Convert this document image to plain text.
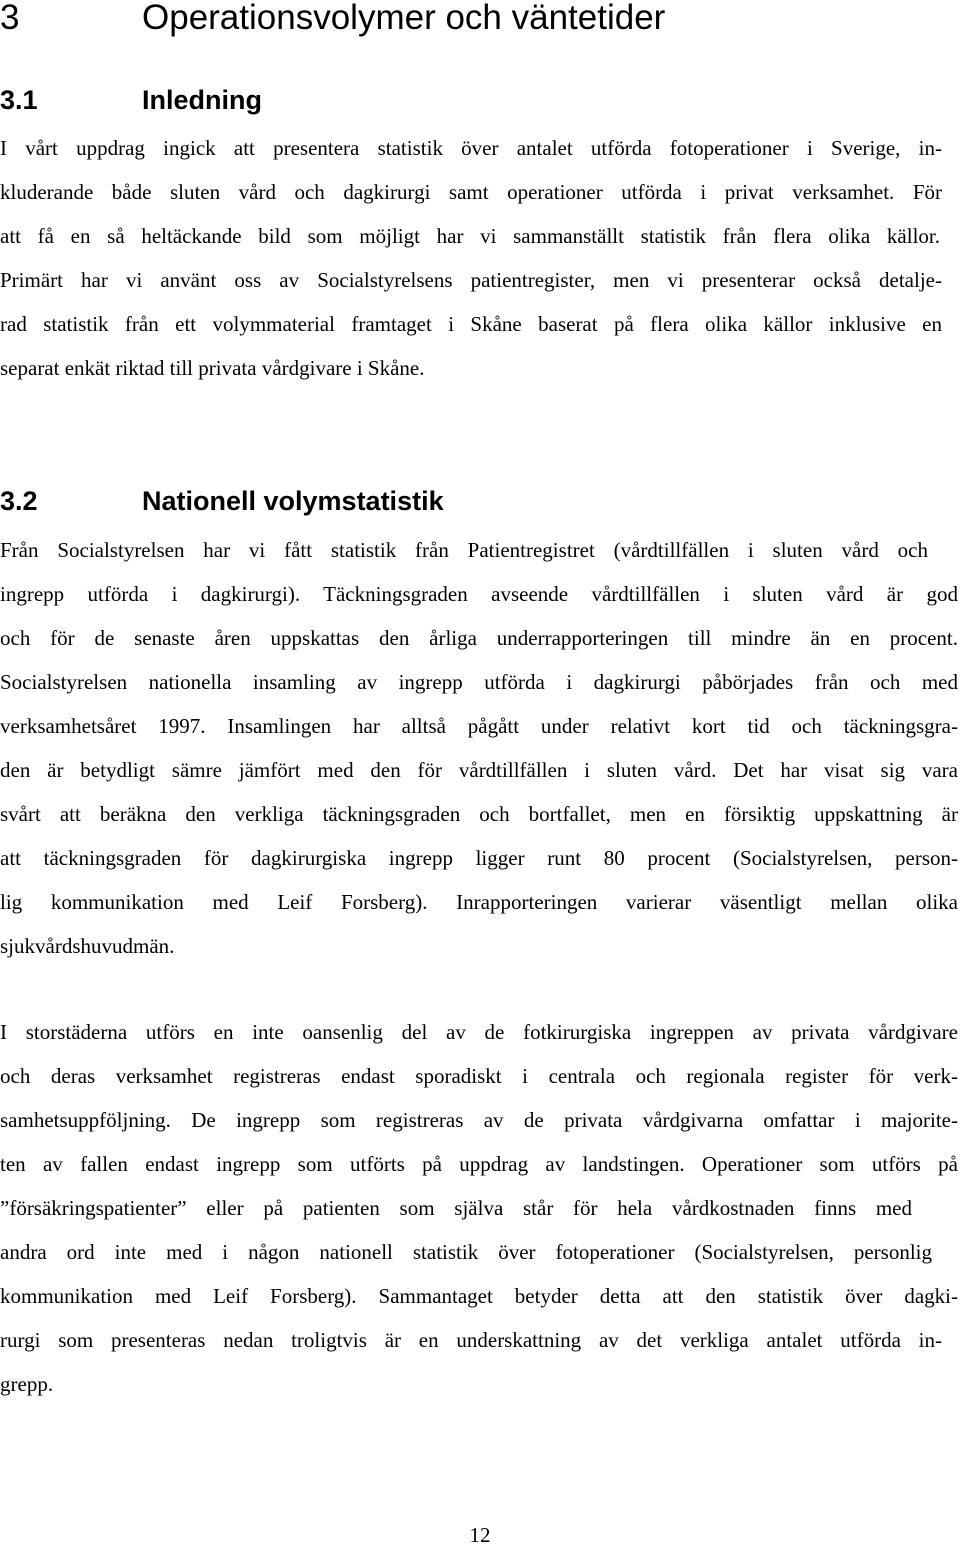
3	Operationsvolymer och väntetider
3.1	Inledning
I vårt uppdrag ingick att presentera statistik över antalet utförda fotoperationer i Sverige, in-
kluderande både sluten vård och dagkirurgi samt operationer utförda i privat verksamhet. För
att få en så heltäckande bild som möjligt har vi sammanställt statistik från flera olika källor.
Primärt har vi använt oss av Socialstyrelsens patientregister, men vi presenterar också detalje-
rad statistik från ett volymmaterial framtaget i Skåne baserat på flera olika källor inklusive en
separat enkät riktad till privata vårdgivare i Skåne.
3.2	Nationell volymstatistik
Från Socialstyrelsen har vi fått statistik från Patientregistret (vårdtillfällen i sluten vård och
ingrepp utförda i dagkirurgi). Täckningsgraden avseende vårdtillfällen i sluten vård är god
och för de senaste åren uppskattas den årliga underrapporteringen till mindre än en procent.
Socialstyrelsen nationella insamling av ingrepp utförda i dagkirurgi påbörjades från och med
verksamhetsåret 1997. Insamlingen har alltså pågått under relativt kort tid och täckningsgra-
den är betydligt sämre jämfört med den för vårdtillfällen i sluten vård. Det har visat sig vara
svårt att beräkna den verkliga täckningsgraden och bortfallet, men en försiktig uppskattning är
att täckningsgraden för dagkirurgiska ingrepp ligger runt 80 procent (Socialstyrelsen, person-
lig kommunikation med Leif Forsberg). Inrapporteringen varierar väsentligt mellan olika
sjukvårdshuvudmän.
I storstäderna utförs en inte oansenlig del av de fotkirurgiska ingreppen av privata vårdgivare
och deras verksamhet registreras endast sporadiskt i centrala och regionala register för verk-
samhetsuppföljning. De ingrepp som registreras av de privata vårdgivarna omfattar i majorite-
ten av fallen endast ingrepp som utförts på uppdrag av landstingen. Operationer som utförs på
”försäkringspatienter” eller på patienten som själva står för hela vårdkostnaden finns med
andra ord inte med i någon nationell statistik över fotoperationer (Socialstyrelsen, personlig
kommunikation med Leif Forsberg). Sammantaget betyder detta att den statistik över dagki-
rurgi som presenteras nedan troligtvis är en underskattning av det verkliga antalet utförda in-
grepp.
12
